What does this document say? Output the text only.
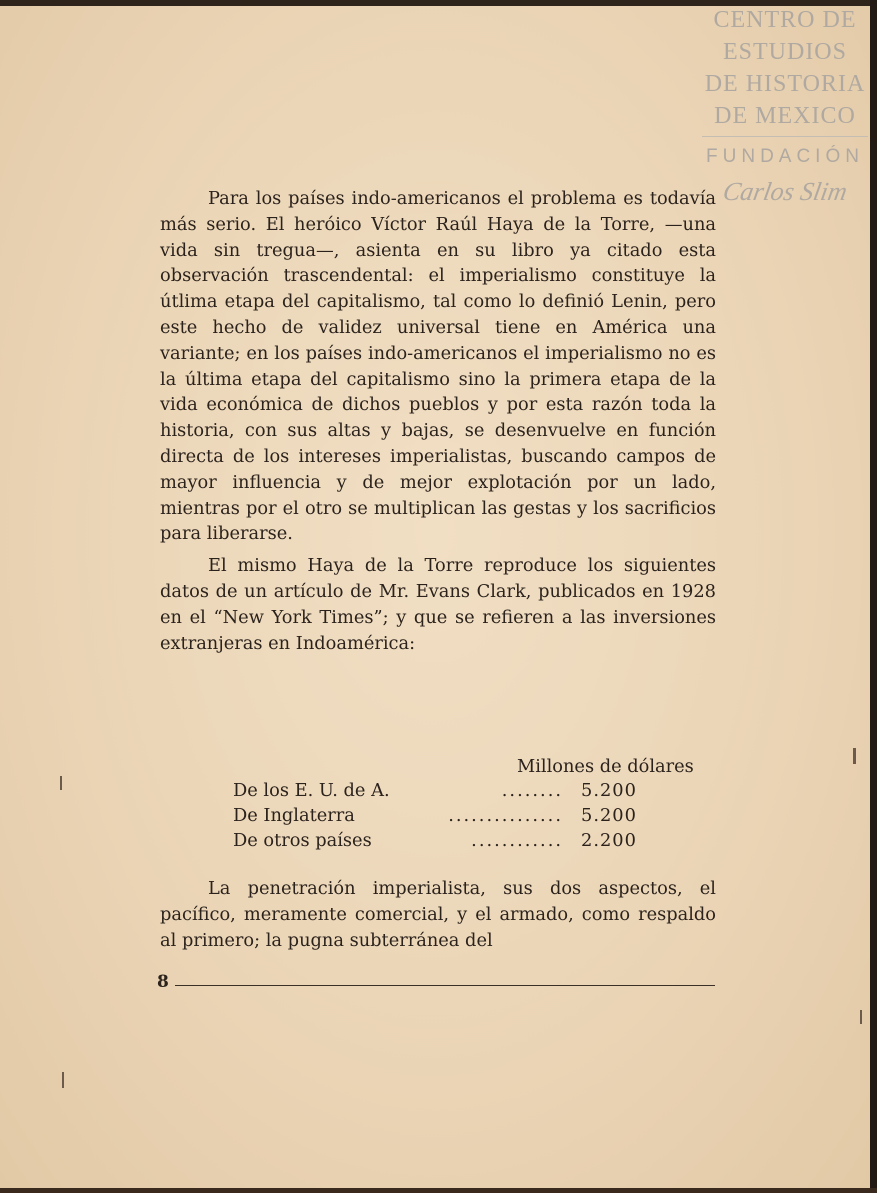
CENTRO DE
ESTUDIOS
DE HISTORIA
DE MEXICO
FUNDACIÓN
Carlos Slim

Para los países indo-americanos el problema es todavía más serio. El heróico Víctor Raúl Haya de la Torre, —una vida sin tregua—, asienta en su libro ya citado esta observación trascendental: el imperialismo constituye la útlima etapa del capitalismo, tal como lo definió Lenin, pero este hecho de validez universal tiene en América una variante; en los países indo-americanos el imperialismo no es la última etapa del capitalismo sino la primera etapa de la vida económica de dichos pueblos y por esta razón toda la historia, con sus altas y bajas, se desenvuelve en función directa de los intereses imperialistas, buscando campos de mayor influencia y de mejor explotación por un lado, mientras por el otro se multiplican las gestas y los sacrificios para liberarse.

El mismo Haya de la Torre reproduce los siguientes datos de un artículo de Mr. Evans Clark, publicados en 1928 en el “New York Times”; y que se refieren a las inversiones extranjeras en Indoamérica:

Millones de dólares
De los E. U. de A.	........ 5.200
De Inglaterra	............... 5.200
De otros países	............ 2.200

La penetración imperialista, sus dos aspectos, el pacífico, meramente comercial, y el armado, como respaldo al primero; la pugna subterránea del

8
